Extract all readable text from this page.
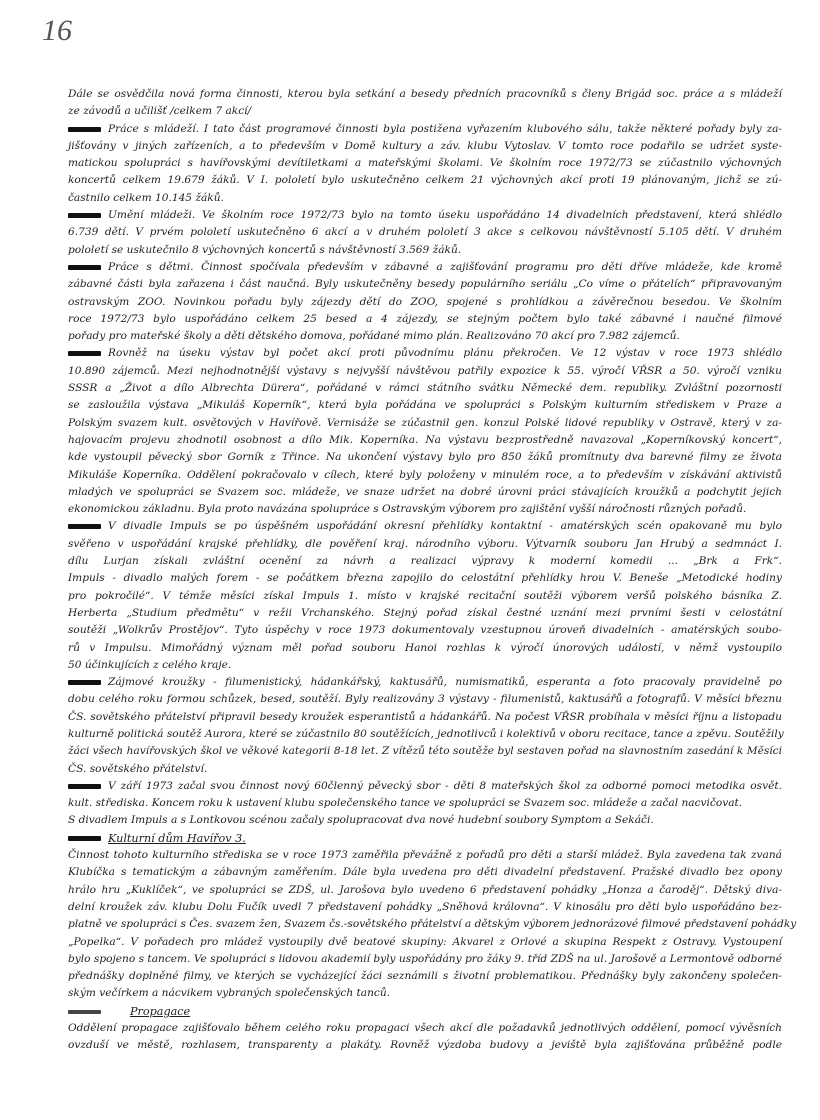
16
Dále se osvědčila nová forma činnosti, kterou byla setkání a besedy předních pracovníků s členy Brigád soc. práce a s mládeží
ze závodů a učilišť /celkem 7 akcí/
Práce s mládeží. I tato část programové činnosti byla postižena vyřazením klubového sálu, takže některé pořady byly za-
jišťovány v jiných zařízeních, a to především v Domě kultury a záv. klubu Vytoslav. V tomto roce podařilo se udržet syste-
matickou spolupráci s havířovskými devítiletkami a mateřskými školami. Ve školním roce 1972/73 se zúčastnilo výchovných
koncertů celkem 19.679 žáků. V I. pololetí bylo uskutečněno celkem 21 výchovných akcí proti 19 plánovaným, jichž se zú-
častnilo celkem 10.145 žáků.
Umění mládeži. Ve školním roce 1972/73 bylo na tomto úseku uspořádáno 14 divadelních představení, která shlédlo
6.739 dětí. V prvém pololetí uskutečněno 6 akcí a v druhém pololetí 3 akce s celkovou návštěvností 5.105 dětí. V druhém
pololetí se uskutečnilo 8 výchovných koncertů s návštěvností 3.569 žáků.
Práce s dětmi. Činnost spočívala především v zábavné a zajišťování programu pro děti dříve mládeže, kde kromě
zábavné části byla zařazena i část naučná. Byly uskutečněny besedy populárního seriálu „Co víme o přátelích“ připravovaným
ostravským ZOO. Novinkou pořadu byly zájezdy dětí do ZOO, spojené s prohlídkou a závěrečnou besedou. Ve školním
roce 1972/73 bylo uspořádáno celkem 25 besed a 4 zájezdy, se stejným počtem bylo také zábavné i naučné filmové
pořady pro mateřské školy a děti dětského domova, pořádané mimo plán. Realizováno 70 akcí pro 7.982 zájemců.
Rovněž na úseku výstav byl počet akcí proti původnímu plánu překročen. Ve 12 výstav v roce 1973 shlédlo
10.890 zájemců. Mezi nejhodnotnější výstavy s nejvyšší návštěvou patřily expozice k 55. výročí VŘSR a 50. výročí vzniku
SSSR a „Život a dílo Albrechta Dürera“, pořádané v rámci státního svátku Německé dem. republiky. Zvláštní pozornosti
se zasloužila výstava „Mikuláš Koperník“, která byla pořádána ve spolupráci s Polským kulturním střediskem v Praze a
Polským svazem kult. osvětových v Havířově. Vernisáže se zúčastnil gen. konzul Polské lidové republiky v Ostravě, který v za-
hajovacím projevu zhodnotil osobnost a dílo Mik. Koperníka. Na výstavu bezprostředně navazoval „Koperníkovský koncert“,
kde vystoupil pěvecký sbor Gorník z Třince. Na ukončení výstavy bylo pro 850 žáků promítnuty dva barevné filmy ze života
Mikuláše Koperníka. Oddělení pokračovalo v cílech, které byly položeny v minulém roce, a to především v získávání aktivistů
mladých ve spolupráci se Svazem soc. mládeže, ve snaze udržet na dobré úrovni práci stávajících kroužků a podchytit jejich
ekonomickou základnu. Byla proto navázána spolupráce s Ostravským výborem pro zajištění vyšší náročnosti různých pořadů.
V divadle Impuls se po úspěšném uspořádání okresní přehlídky kontaktní - amatérských scén opakovaně mu bylo
svěřeno v uspořádání krajské přehlídky, dle pověření kraj. národního výboru. Výtvarník souboru Jan Hrubý a sedmnáct I.
dílu Lurjan získali zvláštní ocenění za návrh a realizaci výpravy k moderní komedii ... „Brk a Frk“.
Impuls - divadlo malých forem - se počátkem března zapojilo do celostátní přehlídky hrou V. Beneše „Metodické hodiny
pro pokročilé“. V témže měsíci získal Impuls 1. místo v krajské recitační soutěži výborem veršů polského básníka Z.
Herberta „Studium předmětu“ v režii Vrchanského. Stejný pořad získal čestné uznání mezi prvními šesti v celostátní
soutěži „Wolkrův Prostějov“. Tyto úspěchy v roce 1973 dokumentovaly vzestupnou úroveň divadelních - amatérských soubo-
rů v Impulsu. Mimořádný význam měl pořad souboru Hanoi rozhlas k výročí únorových událostí, v němž vystoupilo
50 účinkujících z celého kraje.
Zájmové kroužky - filumenistický, hádankářský, kaktusářů, numismatiků, esperanta a foto pracovaly pravidelně po
dobu celého roku formou schůzek, besed, soutěží. Byly realizovány 3 výstavy - filumenistů, kaktusářů a fotografů. V měsíci březnu
ČS. sovětského přátelství připravil besedy kroužek esperantistů a hádankářů. Na počest VŘSR probíhala v měsíci říjnu a listopadu
kulturně politická soutěž Aurora, které se zúčastnilo 80 soutěžících, jednotlivců i kolektivů v oboru recitace, tance a zpěvu. Soutěžily
žáci všech havířovských škol ve věkové kategorii 8-18 let. Z vítězů této soutěže byl sestaven pořad na slavnostním zasedání k Měsíci
ČS. sovětského přátelství.
V září 1973 začal svou činnost nový 60členný pěvecký sbor - děti 8 mateřských škol za odborné pomoci metodika osvět.
kult. střediska. Koncem roku k ustavení klubu společenského tance ve spolupráci se Svazem soc. mládeže a začal nacvičovat.
S divadlem Impuls a s Lontkovou scénou začaly spolupracovat dva nové hudební soubory Symptom a Sekáči.
Kulturní dům Havířov 3.
Činnost tohoto kulturního střediska se v roce 1973 zaměřila převážně z pořadů pro děti a starší mládež. Byla zavedena tak zvaná
Klubíčka s tematickým a zábavným zaměřením. Dále byla uvedena pro děti divadelní představení. Pražské divadlo bez opony
hrálo hru „Kuklíček“, ve spolupráci se ZDŠ, ul. Jarošova bylo uvedeno 6 představení pohádky „Honza a čaroděj“. Dětský diva-
delní kroužek záv. klubu Dolu Fučík uvedl 7 představení pohádky „Sněhová královna“. V kinosálu pro děti bylo uspořádáno bez-
platně ve spolupráci s Čes. svazem žen, Svazem čs.-sovětského přátelství a dětským výborem jednorázové filmové představení pohádky
„Popelka“. V pořadech pro mládež vystoupily dvě beatové skupiny: Akvarel z Orlové a skupina Respekt z Ostravy. Vystoupení
bylo spojeno s tancem. Ve spolupráci s lidovou akademií byly uspořádány pro žáky 9. tříd ZDŠ na ul. Jarošově a Lermontově odborné
přednášky doplněné filmy, ve kterých se vycházející žáci seznámili s životní problematikou. Přednášky byly zakončeny společen-
ským večírkem a nácvikem vybraných společenských tanců.
Propagace
Oddělení propagace zajišťovalo během celého roku propagaci všech akcí dle požadavků jednotlivých oddělení, pomocí vývěsních
ovzduší ve městě, rozhlasem, transparenty a plakáty. Rovněž výzdoba budovy a jeviště byla zajišťována průběžně podle
